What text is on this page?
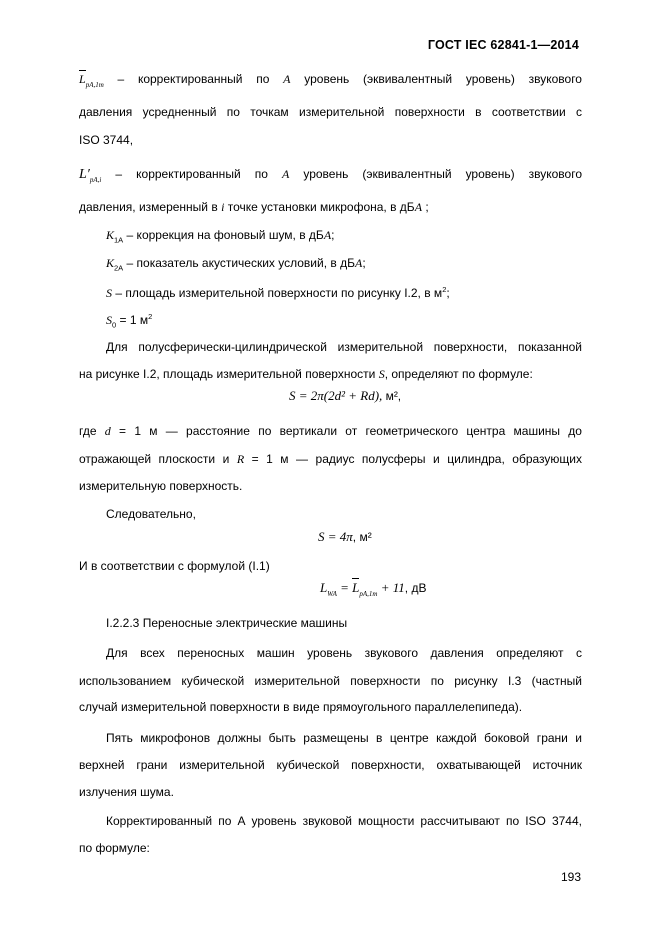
ГОСТ IEC 62841-1—2014
$L_{pA,1m}$ – корректированный по A уровень (эквивалентный уровень) звукового
давления усредненный по точкам измерительной поверхности в соответствии с
ISO 3744,
$L'_{pA,i}$ – корректированный по A уровень (эквивалентный уровень) звукового
давления, измеренный в i точке установки микрофона, в дБА ;
$K_{1A}$ – коррекция на фоновый шум, в дБА;
$K_{2A}$ – показатель акустических условий, в дБА;
S – площадь измерительной поверхности по рисунку I.2, в $м^2$;
$S_0 = 1$ $м^2$
Для полусферически-цилиндрической измерительной поверхности, показанной
на рисунке I.2, площадь измерительной поверхности S, определяют по формуле:
S = 2π(2d² + Rd), м²,
где d = 1 м — расстояние по вертикали от геометрического центра машины до
отражающей плоскости и R = 1 м — радиус полусферы и цилиндра, образующих
измерительную поверхность.
Следовательно,
S = 4π, м²
И в соответствии с формулой (I.1)
$L_{WA} = L_{pA,1m} + 11$, дВ
I.2.2.3 Переносные электрические машины
Для всех переносных машин уровень звукового давления определяют с
использованием кубической измерительной поверхности по рисунку I.3 (частный
случай измерительной поверхности в виде прямоугольного параллелепипеда).
Пять микрофонов должны быть размещены в центре каждой боковой грани и
верхней грани измерительной кубической поверхности, охватывающей источник
излучения шума.
Корректированный по А уровень звуковой мощности рассчитывают по ISO 3744,
по формуле:
193
